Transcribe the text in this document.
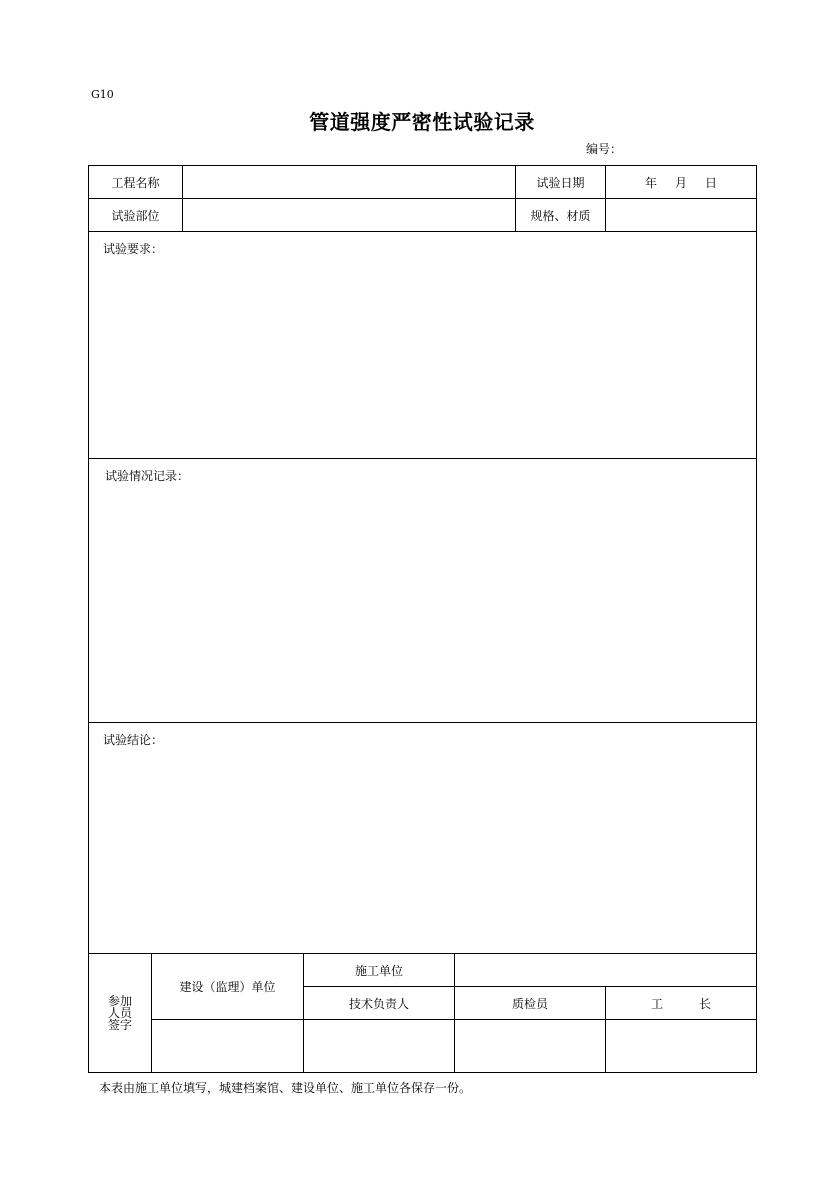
G10
管道强度严密性试验记录
编号：
工程名称					试验日期	年 月 日
试验部位					规格、材质	
试验要求：						
试验情况记录：						
试验结论：						
参加人员签字	建设（监理）单位		施工单位			
			技术负责人	质检员		工 长

本表由施工单位填写，城建档案馆、建设单位、施工单位各保存一份。
